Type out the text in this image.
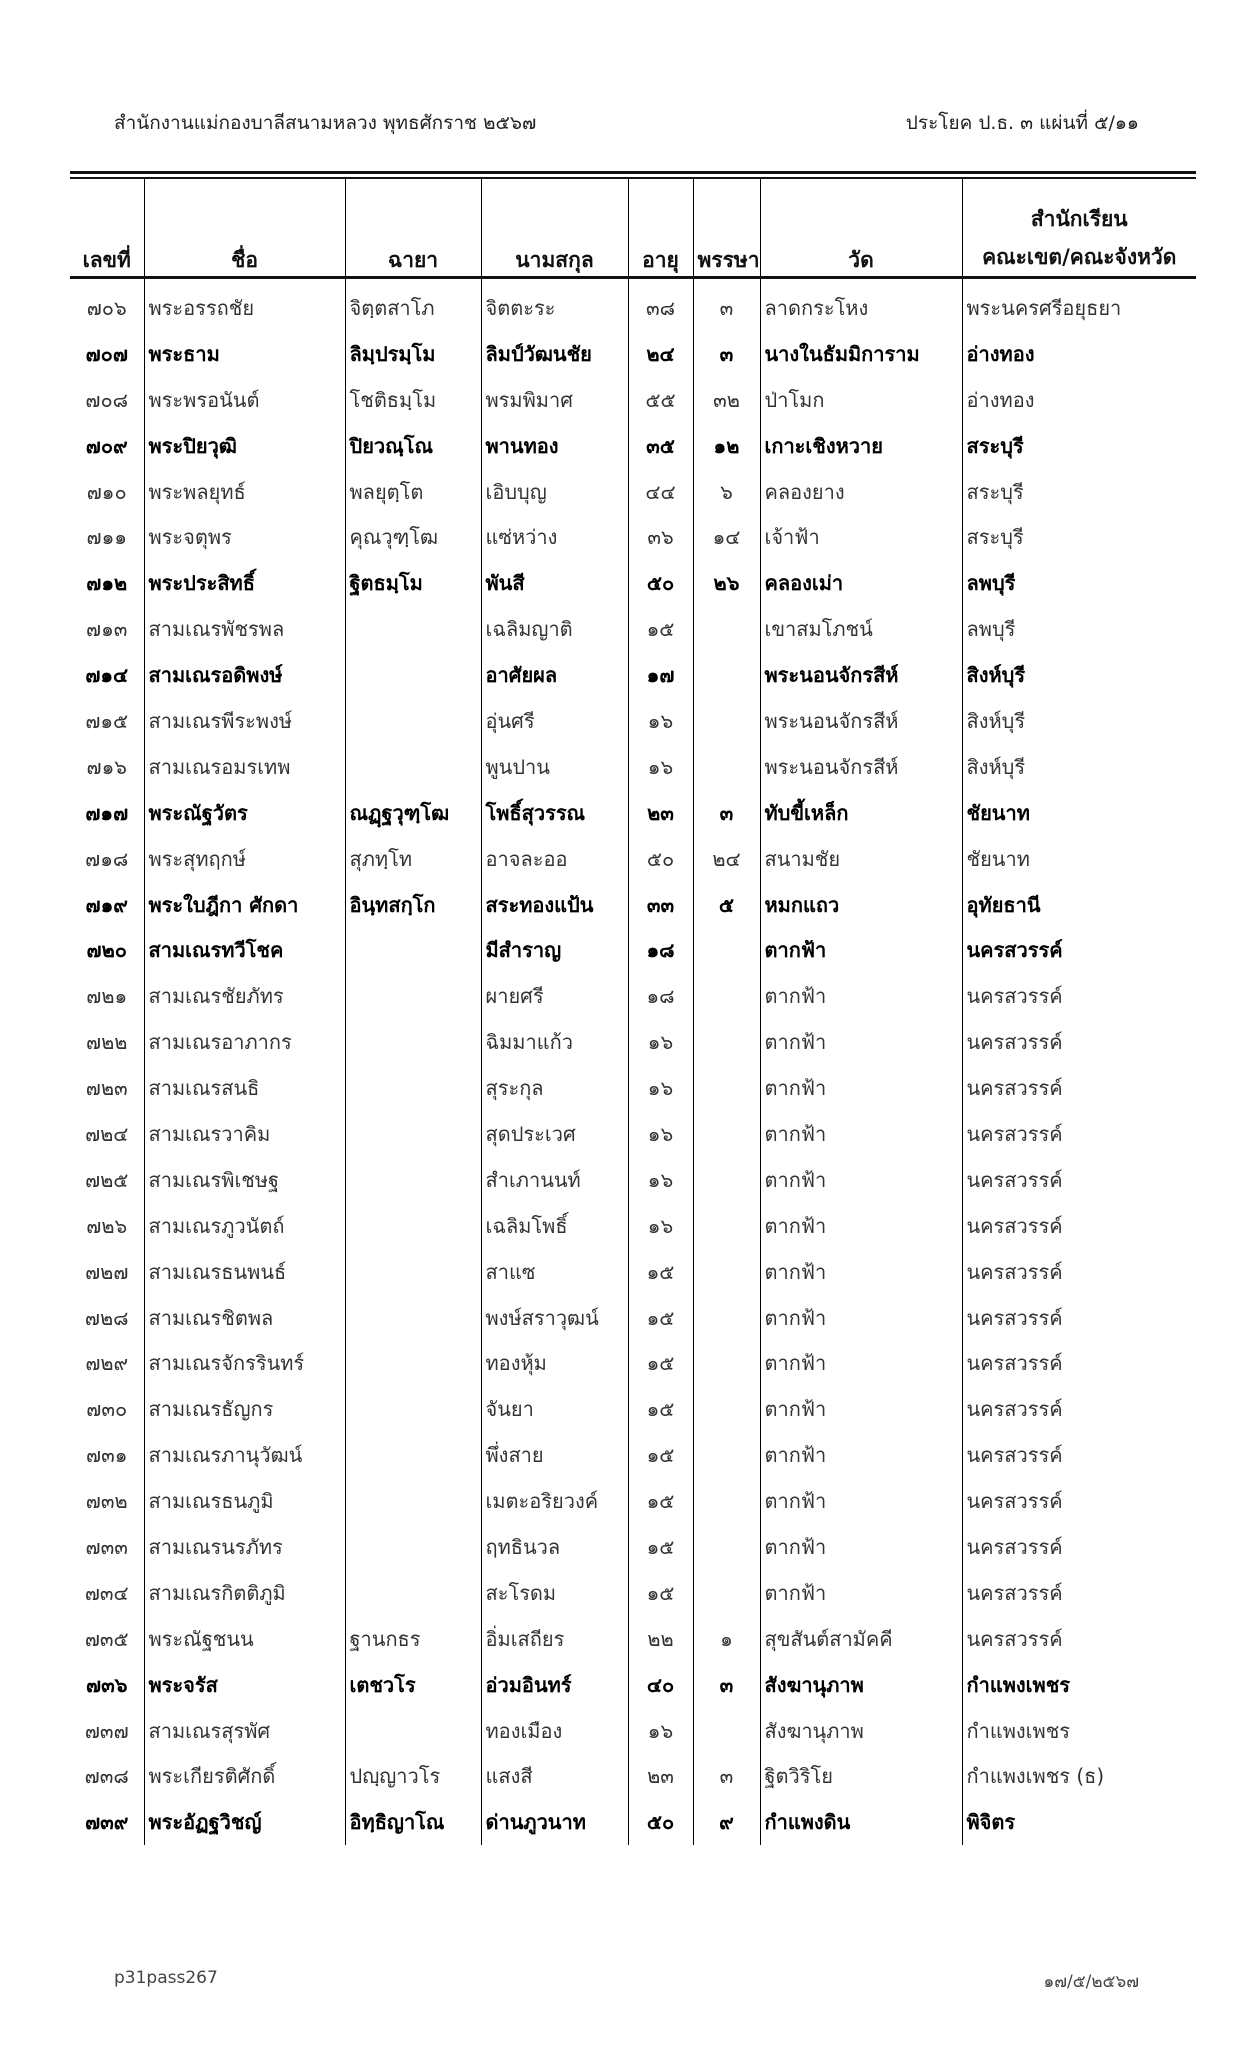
สำนักงานแม่กองบาลีสนามหลวง พุทธศักราช ๒๕๖๗	ประโยค ป.ธ. ๓ แผ่นที่ ๕/๑๑
เลขที่	ชื่อ	ฉายา	นามสกุล	อายุ	พรรษา	วัด	สำนักเรียน
คณะเขต/คณะจังหวัด

๗๐๖	พระอรรถชัย	จิตฺตสาโภ	จิตตะระ	๓๘	๓	ลาดกระโหง	พระนครศรีอยุธยา
๗๐๗	พระธาม	ลิมฺปรมฺโม	ลิมป์วัฒนชัย	๒๔	๓	นางในธัมมิการาม	อ่างทอง
๗๐๘	พระพรอนันต์	โชติธมฺโม	พรมพิมาศ	๕๕	๓๒	ป่าโมก	อ่างทอง
๗๐๙	พระปิยวุฒิ	ปิยวณฺโณ	พานทอง	๓๕	๑๒	เกาะเชิงหวาย	สระบุรี
๗๑๐	พระพลยุทธ์	พลยุตฺโต	เอิบบุญ	๔๔	๖	คลองยาง	สระบุรี
๗๑๑	พระจตุพร	คุณวุฑฺโฒ	แซ่หว่าง	๓๖	๑๔	เจ้าฟ้า	สระบุรี
๗๑๒	พระประสิทธิ์	ฐิตธมฺโม	พันสี	๕๐	๒๖	คลองเม่า	ลพบุรี
๗๑๓	สามเณรพัชรพล		เฉลิมญาติ	๑๕		เขาสมโภชน์	ลพบุรี
๗๑๔	สามเณรอดิพงษ์		อาศัยผล	๑๗		พระนอนจักรสีห์	สิงห์บุรี
๗๑๕	สามเณรพีระพงษ์		อุ่นศรี	๑๖		พระนอนจักรสีห์	สิงห์บุรี
๗๑๖	สามเณรอมรเทพ		พูนปาน	๑๖		พระนอนจักรสีห์	สิงห์บุรี
๗๑๗	พระณัฐวัตร	ณฏฺฐวุฑฺโฒ	โพธิ์สุวรรณ	๒๓	๓	ทับขี้เหล็ก	ชัยนาท
๗๑๘	พระสุทฤกษ์	สุภทฺโท	อาจละออ	๕๐	๒๔	สนามชัย	ชัยนาท
๗๑๙	พระใบฎีกา ศักดา	อินฺทสกฺโก	สระทองแป้น	๓๓	๕	หมกแถว	อุทัยธานี
๗๒๐	สามเณรทวีโชค		มีสำราญ	๑๘		ตากฟ้า	นครสวรรค์
๗๒๑	สามเณรชัยภัทร		ผายศรี	๑๘		ตากฟ้า	นครสวรรค์
๗๒๒	สามเณรอาภากร		ฉิมมาแก้ว	๑๖		ตากฟ้า	นครสวรรค์
๗๒๓	สามเณรสนธิ		สุระกุล	๑๖		ตากฟ้า	นครสวรรค์
๗๒๔	สามเณรวาคิม		สุดประเวศ	๑๖		ตากฟ้า	นครสวรรค์
๗๒๕	สามเณรพิเชษฐ		สำเภานนท์	๑๖		ตากฟ้า	นครสวรรค์
๗๒๖	สามเณรภูวนัตถ์		เฉลิมโพธิ์	๑๖		ตากฟ้า	นครสวรรค์
๗๒๗	สามเณรธนพนธ์		สาแซ	๑๕		ตากฟ้า	นครสวรรค์
๗๒๘	สามเณรชิตพล		พงษ์สราวุฒน์	๑๕		ตากฟ้า	นครสวรรค์
๗๒๙	สามเณรจักรรินทร์		ทองหุ้ม	๑๕		ตากฟ้า	นครสวรรค์
๗๓๐	สามเณรธัญกร		จันยา	๑๕		ตากฟ้า	นครสวรรค์
๗๓๑	สามเณรภานุวัฒน์		พึ่งสาย	๑๕		ตากฟ้า	นครสวรรค์
๗๓๒	สามเณรธนภูมิ		เมตะอริยวงค์	๑๕		ตากฟ้า	นครสวรรค์
๗๓๓	สามเณรนรภัทร		ฤทธินวล	๑๕		ตากฟ้า	นครสวรรค์
๗๓๔	สามเณรกิตติภูมิ		สะโรดม	๑๕		ตากฟ้า	นครสวรรค์
๗๓๕	พระณัฐชนน	ฐานกธร	อิ่มเสถียร	๒๒	๑	สุขสันต์สามัคคี	นครสวรรค์
๗๓๖	พระจรัส	เตชวโร	อ่วมอินทร์	๔๐	๓	สังฆานุภาพ	กำแพงเพชร
๗๓๗	สามเณรสุรพัศ		ทองเมือง	๑๖		สังฆานุภาพ	กำแพงเพชร
๗๓๘	พระเกียรติศักดิ์	ปญฺญาวโร	แสงสี	๒๓	๓	ฐิตวิริโย	กำแพงเพชร (ธ)
๗๓๙	พระอัฏฐวิชญ์	อิทฺธิญาโณ	ด่านภูวนาท	๕๐	๙	กำแพงดิน	พิจิตร
p31pass267	๑๗/๕/๒๕๖๗
